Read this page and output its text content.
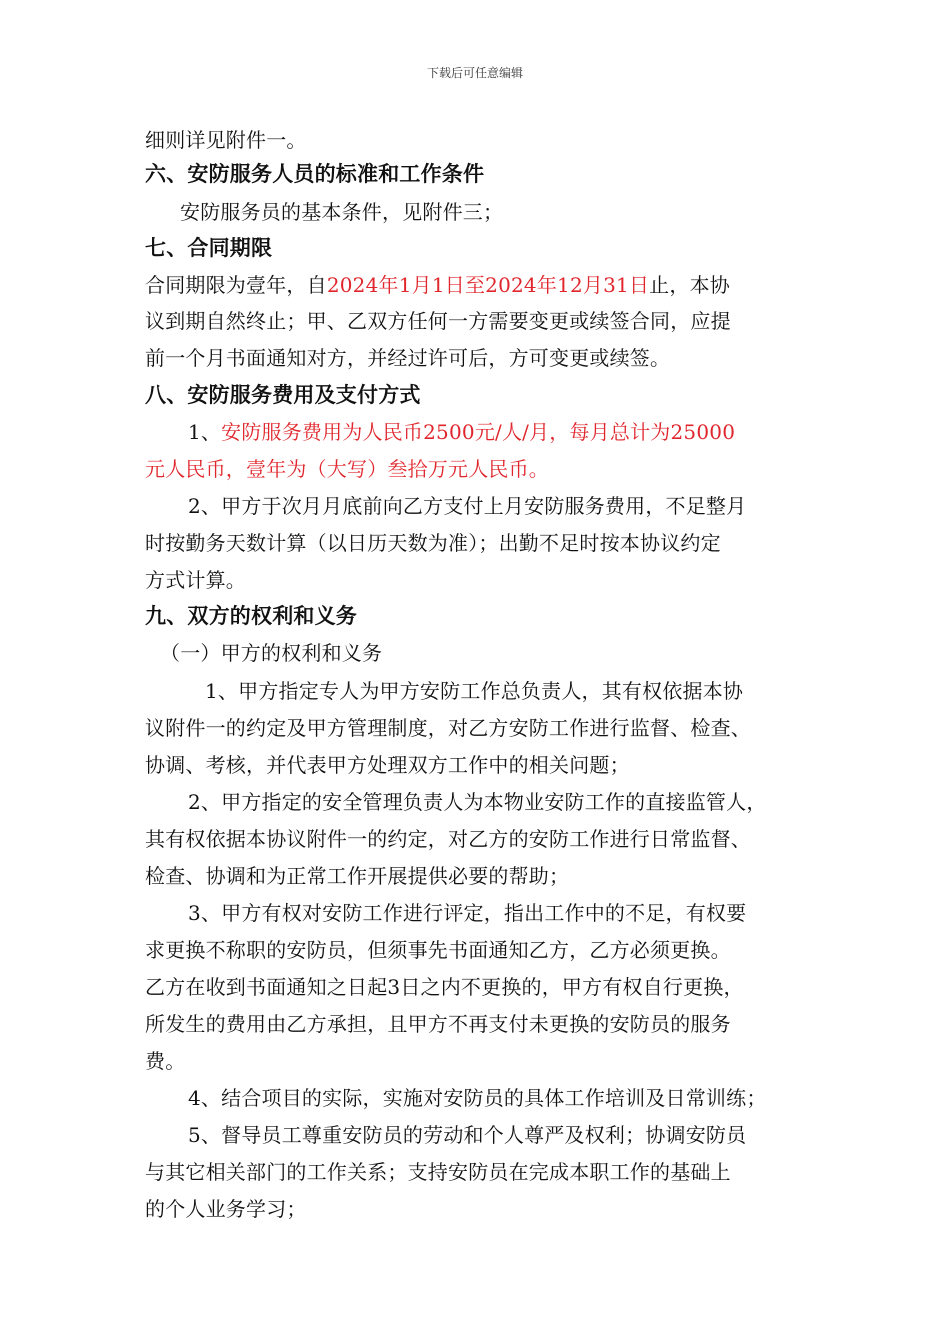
下载后可任意编辑
细则详见附件一。
六、安防服务人员的标准和工作条件
安防服务员的基本条件，见附件三；
七、合同期限
合同期限为壹年，自2024年1月1日至2024年12月31日止，本协
议到期自然终止；甲、乙双方任何一方需要变更或续签合同，应提
前一个月书面通知对方，并经过许可后，方可变更或续签。
八、安防服务费用及支付方式
1、安防服务费用为人民币2500元/人/月，每月总计为25000
元人民币，壹年为（大写）叁拾万元人民币。
2、甲方于次月月底前向乙方支付上月安防服务费用，不足整月
时按勤务天数计算（以日历天数为准）；出勤不足时按本协议约定
方式计算。
九、双方的权利和义务
（一）甲方的权利和义务
1、甲方指定专人为甲方安防工作总负责人，其有权依据本协
议附件一的约定及甲方管理制度，对乙方安防工作进行监督、检查、
协调、考核，并代表甲方处理双方工作中的相关问题；
2、甲方指定的安全管理负责人为本物业安防工作的直接监管人，
其有权依据本协议附件一的约定，对乙方的安防工作进行日常监督、
检查、协调和为正常工作开展提供必要的帮助；
3、甲方有权对安防工作进行评定，指出工作中的不足，有权要
求更换不称职的安防员，但须事先书面通知乙方，乙方必须更换。
乙方在收到书面通知之日起3日之内不更换的，甲方有权自行更换，
所发生的费用由乙方承担，且甲方不再支付未更换的安防员的服务
费。
4、结合项目的实际，实施对安防员的具体工作培训及日常训练；
5、督导员工尊重安防员的劳动和个人尊严及权利；协调安防员
与其它相关部门的工作关系；支持安防员在完成本职工作的基础上
的个人业务学习；
